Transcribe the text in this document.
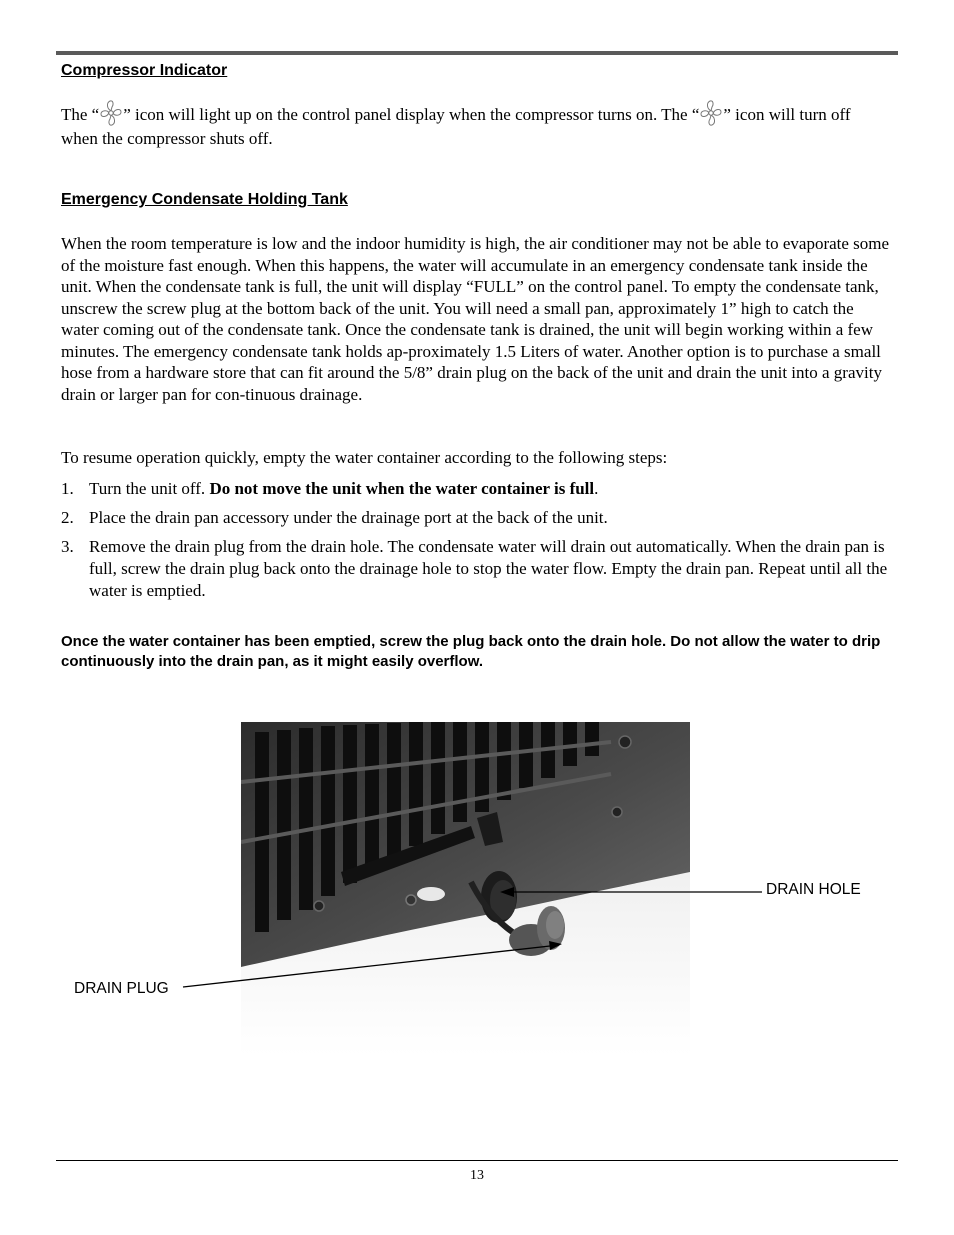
Compressor Indicator
The “ ” icon will light up on the control panel display when the compressor turns on. The “ ” icon will turn off when the compressor shuts off.
Emergency Condensate Holding Tank
When the room temperature is low and the indoor humidity is high, the air conditioner may not be able to evaporate some of the moisture fast enough. When this happens, the water will accumulate in an emergency condensate tank inside the unit. When the condensate tank is full, the unit will display “FULL” on the control panel. To empty the condensate tank, unscrew the screw plug at the bottom back of the unit. You will need a small pan, approximately 1” high to catch the water coming out of the condensate tank. Once the condensate tank is drained, the unit will begin working within a few minutes. The emergency condensate tank holds ap-proximately 1.5 Liters of water. Another option is to purchase a small hose from a hardware store that can fit around the 5/8” drain plug on the back of the unit and drain the unit into a gravity drain or larger pan for con-tinuous drainage.
To resume operation quickly, empty the water container according to the following steps:
1. Turn the unit off. Do not move the unit when the water container is full.
2. Place the drain pan accessory under the drainage port at the back of the unit.
3. Remove the drain plug from the drain hole. The condensate water will drain out automatically. When the drain pan is full, screw the drain plug back onto the drainage hole to stop the water flow. Empty the drain pan. Repeat until all the water is emptied.
Once the water container has been emptied, screw the plug back onto the drain hole. Do not allow the water to drip continuously into the drain pan, as it might easily overflow.
DRAIN HOLE
DRAIN PLUG
13
